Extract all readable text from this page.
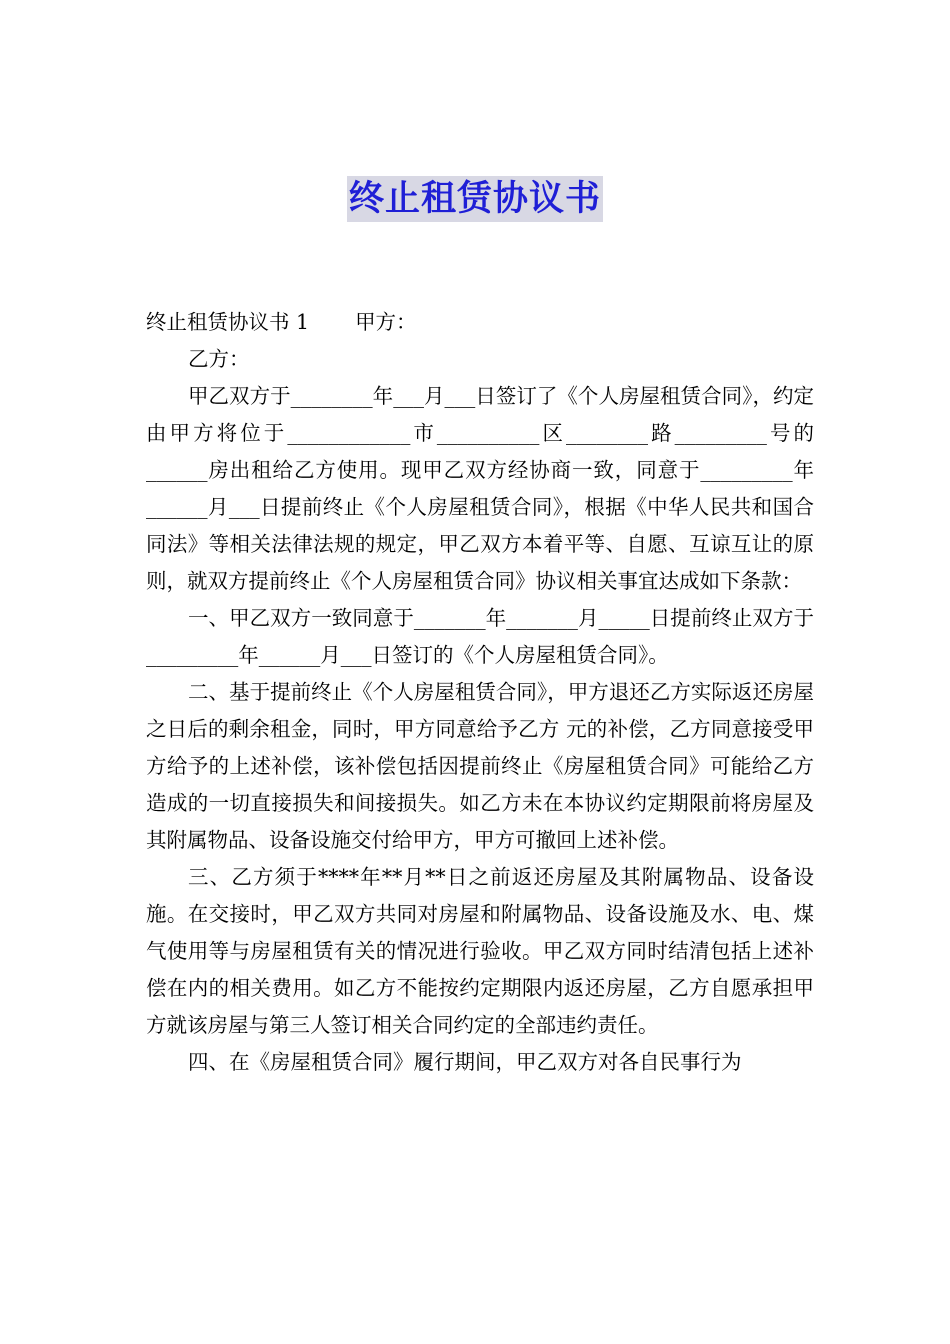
终止租赁协议书

终止租赁协议书 1 甲方：

乙方：

甲乙双方于________年___月___日签订了《个人房屋租赁合同》，约定由甲方将位于____________市__________区________路_________号的______房出租给乙方使用。现甲乙双方经协商一致，同意于_________年______月___日提前终止《个人房屋租赁合同》，根据《中华人民共和国合同法》等相关法律法规的规定，甲乙双方本着平等、自愿、互谅互让的原则，就双方提前终止《个人房屋租赁合同》协议相关事宜达成如下条款：

一、甲乙双方一致同意于_______年_______月_____日提前终止双方于_________年______月___日签订的《个人房屋租赁合同》。

二、基于提前终止《个人房屋租赁合同》，甲方退还乙方实际返还房屋之日后的剩余租金，同时，甲方同意给予乙方 元的补偿，乙方同意接受甲方给予的上述补偿，该补偿包括因提前终止《房屋租赁合同》可能给乙方造成的一切直接损失和间接损失。如乙方未在本协议约定期限前将房屋及其附属物品、设备设施交付给甲方，甲方可撤回上述补偿。

三、乙方须于****年**月**日之前返还房屋及其附属物品、设备设施。在交接时，甲乙双方共同对房屋和附属物品、设备设施及水、电、煤气使用等与房屋租赁有关的情况进行验收。甲乙双方同时结清包括上述补偿在内的相关费用。如乙方不能按约定期限内返还房屋，乙方自愿承担甲方就该房屋与第三人签订相关合同约定的全部违约责任。

四、在《房屋租赁合同》履行期间，甲乙双方对各自民事行为
